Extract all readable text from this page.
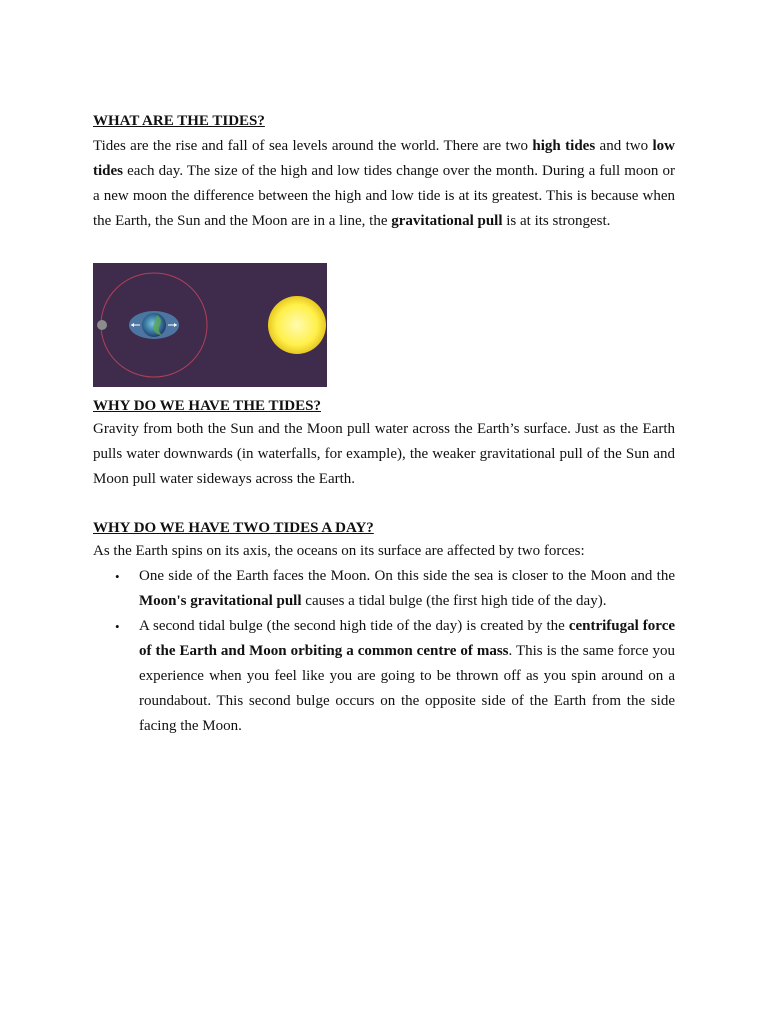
WHAT ARE THE TIDES?

Tides are the rise and fall of sea levels around the world. There are two high tides and two low tides each day. The size of the high and low tides change over the month. During a full moon or a new moon the difference between the high and low tide is at its greatest. This is because when the Earth, the Sun and the Moon are in a line, the gravitational pull is at its strongest.

WHY DO WE HAVE THE TIDES?

Gravity from both the Sun and the Moon pull water across the Earth’s surface. Just as the Earth pulls water downwards (in waterfalls, for example), the weaker gravitational pull of the Sun and Moon pull water sideways across the Earth.

WHY DO WE HAVE TWO TIDES A DAY?

As the Earth spins on its axis, the oceans on its surface are affected by two forces:

• One side of the Earth faces the Moon. On this side the sea is closer to the Moon and the Moon's gravitational pull causes a tidal bulge (the first high tide of the day).
• A second tidal bulge (the second high tide of the day) is created by the centrifugal force of the Earth and Moon orbiting a common centre of mass. This is the same force you experience when you feel like you are going to be thrown off as you spin around on a roundabout. This second bulge occurs on the opposite side of the Earth from the side facing the Moon.
